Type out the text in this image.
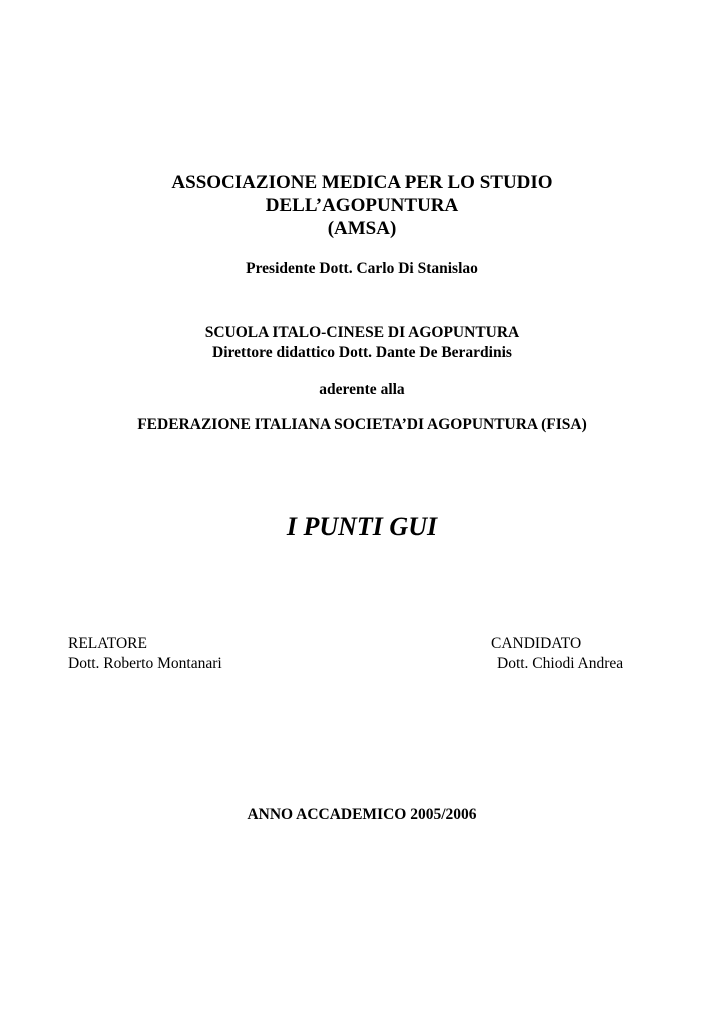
ASSOCIAZIONE MEDICA PER LO STUDIO
DELL’AGOPUNTURA
(AMSA)
Presidente Dott. Carlo Di Stanislao
SCUOLA ITALO-CINESE DI AGOPUNTURA
Direttore didattico Dott. Dante De Berardinis
aderente alla
FEDERAZIONE ITALIANA SOCIETA’DI AGOPUNTURA (FISA)
I PUNTI GUI
RELATORE
Dott. Roberto Montanari
CANDIDATO
Dott. Chiodi Andrea
ANNO ACCADEMICO 2005/2006
